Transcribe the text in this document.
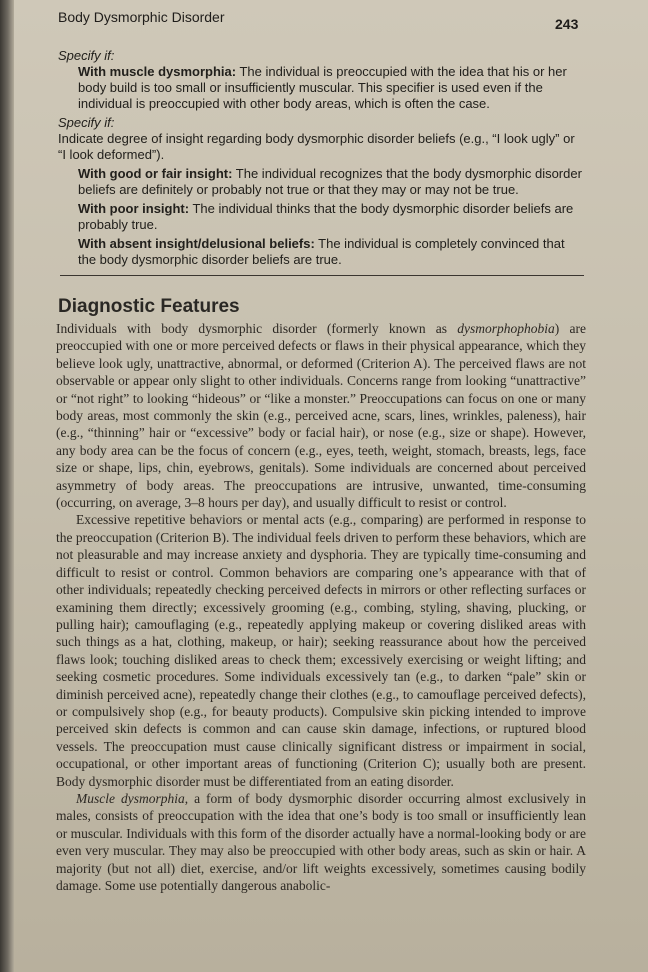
Body Dysmorphic Disorder	243

Specify if:

With muscle dysmorphia: The individual is preoccupied with the idea that his or her body build is too small or insufficiently muscular. This specifier is used even if the individual is preoccupied with other body areas, which is often the case.

Specify if:

Indicate degree of insight regarding body dysmorphic disorder beliefs (e.g., “I look ugly” or “I look deformed”).

With good or fair insight: The individual recognizes that the body dysmorphic disorder beliefs are definitely or probably not true or that they may or may not be true.

With poor insight: The individual thinks that the body dysmorphic disorder beliefs are probably true.

With absent insight/delusional beliefs: The individual is completely convinced that the body dysmorphic disorder beliefs are true.

Diagnostic Features

Individuals with body dysmorphic disorder (formerly known as dysmorphophobia) are preoccupied with one or more perceived defects or flaws in their physical appearance, which they believe look ugly, unattractive, abnormal, or deformed (Criterion A). The perceived flaws are not observable or appear only slight to other individuals. Concerns range from looking “unattractive” or “not right” to looking “hideous” or “like a monster.” Preoccupations can focus on one or many body areas, most commonly the skin (e.g., perceived acne, scars, lines, wrinkles, paleness), hair (e.g., “thinning” hair or “excessive” body or facial hair), or nose (e.g., size or shape). However, any body area can be the focus of concern (e.g., eyes, teeth, weight, stomach, breasts, legs, face size or shape, lips, chin, eyebrows, genitals). Some individuals are concerned about perceived asymmetry of body areas. The preoccupations are intrusive, unwanted, time-consuming (occurring, on average, 3–8 hours per day), and usually difficult to resist or control.

Excessive repetitive behaviors or mental acts (e.g., comparing) are performed in response to the preoccupation (Criterion B). The individual feels driven to perform these behaviors, which are not pleasurable and may increase anxiety and dysphoria. They are typically time-consuming and difficult to resist or control. Common behaviors are comparing one’s appearance with that of other individuals; repeatedly checking perceived defects in mirrors or other reflecting surfaces or examining them directly; excessively grooming (e.g., combing, styling, shaving, plucking, or pulling hair); camouflaging (e.g., repeatedly applying makeup or covering disliked areas with such things as a hat, clothing, makeup, or hair); seeking reassurance about how the perceived flaws look; touching disliked areas to check them; excessively exercising or weight lifting; and seeking cosmetic procedures. Some individuals excessively tan (e.g., to darken “pale” skin or diminish perceived acne), repeatedly change their clothes (e.g., to camouflage perceived defects), or compulsively shop (e.g., for beauty products). Compulsive skin picking intended to improve perceived skin defects is common and can cause skin damage, infections, or ruptured blood vessels. The preoccupation must cause clinically significant distress or impairment in social, occupational, or other important areas of functioning (Criterion C); usually both are present. Body dysmorphic disorder must be differentiated from an eating disorder.

Muscle dysmorphia, a form of body dysmorphic disorder occurring almost exclusively in males, consists of preoccupation with the idea that one’s body is too small or insufficiently lean or muscular. Individuals with this form of the disorder actually have a normal-looking body or are even very muscular. They may also be preoccupied with other body areas, such as skin or hair. A majority (but not all) diet, exercise, and/or lift weights excessively, sometimes causing bodily damage. Some use potentially dangerous anabolic-
